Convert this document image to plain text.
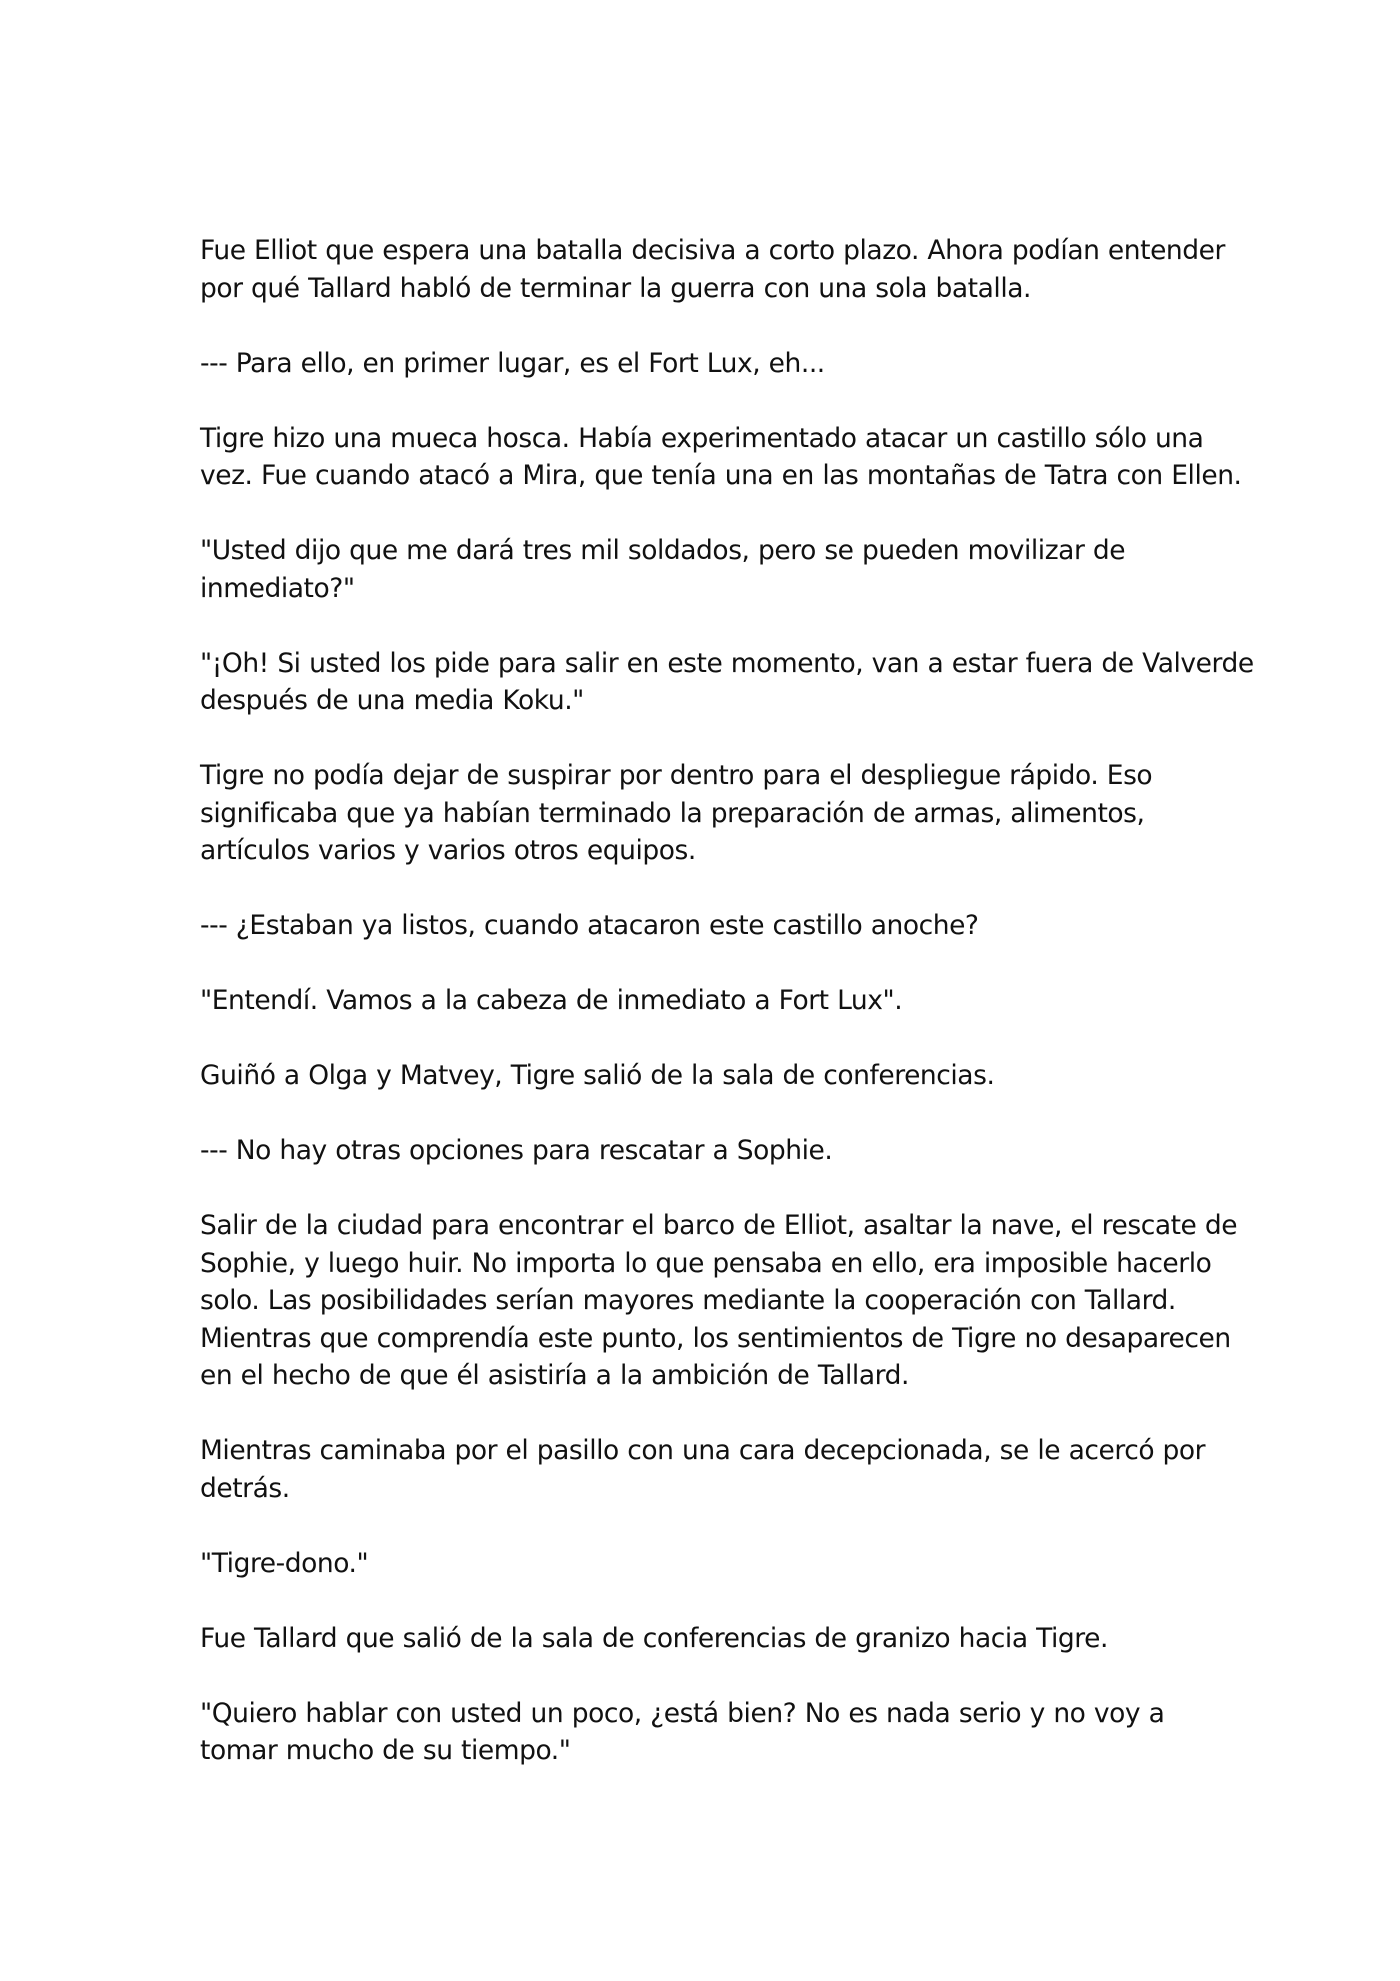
Fue Elliot que espera una batalla decisiva a corto plazo. Ahora podían entender
por qué Tallard habló de terminar la guerra con una sola batalla.

--- Para ello, en primer lugar, es el Fort Lux, eh...

Tigre hizo una mueca hosca. Había experimentado atacar un castillo sólo una
vez. Fue cuando atacó a Mira, que tenía una en las montañas de Tatra con Ellen.

"Usted dijo que me dará tres mil soldados, pero se pueden movilizar de
inmediato?"

"¡Oh! Si usted los pide para salir en este momento, van a estar fuera de Valverde
después de una media Koku."

Tigre no podía dejar de suspirar por dentro para el despliegue rápido. Eso
significaba que ya habían terminado la preparación de armas, alimentos,
artículos varios y varios otros equipos.

--- ¿Estaban ya listos, cuando atacaron este castillo anoche?

"Entendí. Vamos a la cabeza de inmediato a Fort Lux".

Guiñó a Olga y Matvey, Tigre salió de la sala de conferencias.

--- No hay otras opciones para rescatar a Sophie.

Salir de la ciudad para encontrar el barco de Elliot, asaltar la nave, el rescate de
Sophie, y luego huir. No importa lo que pensaba en ello, era imposible hacerlo
solo. Las posibilidades serían mayores mediante la cooperación con Tallard.
Mientras que comprendía este punto, los sentimientos de Tigre no desaparecen
en el hecho de que él asistiría a la ambición de Tallard.

Mientras caminaba por el pasillo con una cara decepcionada, se le acercó por
detrás.

"Tigre-dono."

Fue Tallard que salió de la sala de conferencias de granizo hacia Tigre.

"Quiero hablar con usted un poco, ¿está bien? No es nada serio y no voy a
tomar mucho de su tiempo."
